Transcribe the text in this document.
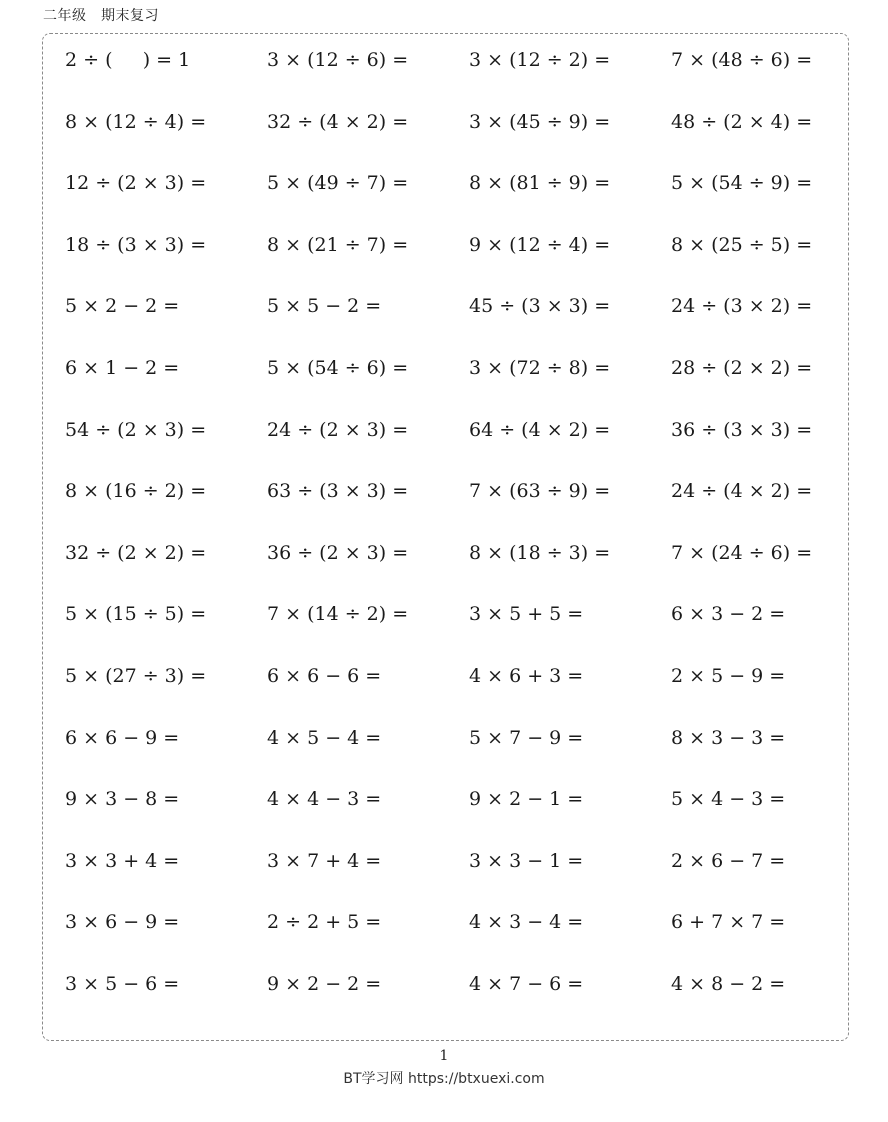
二年级　期末复习
2 ÷ (     ) = 1	3 × (12 ÷ 6) =	3 × (12 ÷ 2) =	7 × (48 ÷ 6) =
8 × (12 ÷ 4) =	32 ÷ (4 × 2) =	3 × (45 ÷ 9) =	48 ÷ (2 × 4) =
12 ÷ (2 × 3) =	5 × (49 ÷ 7) =	8 × (81 ÷ 9) =	5 × (54 ÷ 9) =
18 ÷ (3 × 3) =	8 × (21 ÷ 7) =	9 × (12 ÷ 4) =	8 × (25 ÷ 5) =
5 × 2 − 2 =	5 × 5 − 2 =	45 ÷ (3 × 3) =	24 ÷ (3 × 2) =
6 × 1 − 2 =	5 × (54 ÷ 6) =	3 × (72 ÷ 8) =	28 ÷ (2 × 2) =
54 ÷ (2 × 3) =	24 ÷ (2 × 3) =	64 ÷ (4 × 2) =	36 ÷ (3 × 3) =
8 × (16 ÷ 2) =	63 ÷ (3 × 3) =	7 × (63 ÷ 9) =	24 ÷ (4 × 2) =
32 ÷ (2 × 2) =	36 ÷ (2 × 3) =	8 × (18 ÷ 3) =	7 × (24 ÷ 6) =
5 × (15 ÷ 5) =	7 × (14 ÷ 2) =	3 × 5 + 5 =	6 × 3 − 2 =
5 × (27 ÷ 3) =	6 × 6 − 6 =	4 × 6 + 3 =	2 × 5 − 9 =
6 × 6 − 9 =	4 × 5 − 4 =	5 × 7 − 9 =	8 × 3 − 3 =
9 × 3 − 8 =	4 × 4 − 3 =	9 × 2 − 1 =	5 × 4 − 3 =
3 × 3 + 4 =	3 × 7 + 4 =	3 × 3 − 1 =	2 × 6 − 7 =
3 × 6 − 9 =	2 ÷ 2 + 5 =	4 × 3 − 4 =	6 + 7 × 7 =
3 × 5 − 6 =	9 × 2 − 2 =	4 × 7 − 6 =	4 × 8 − 2 =
1
BT学习网 https://btxuexi.com
